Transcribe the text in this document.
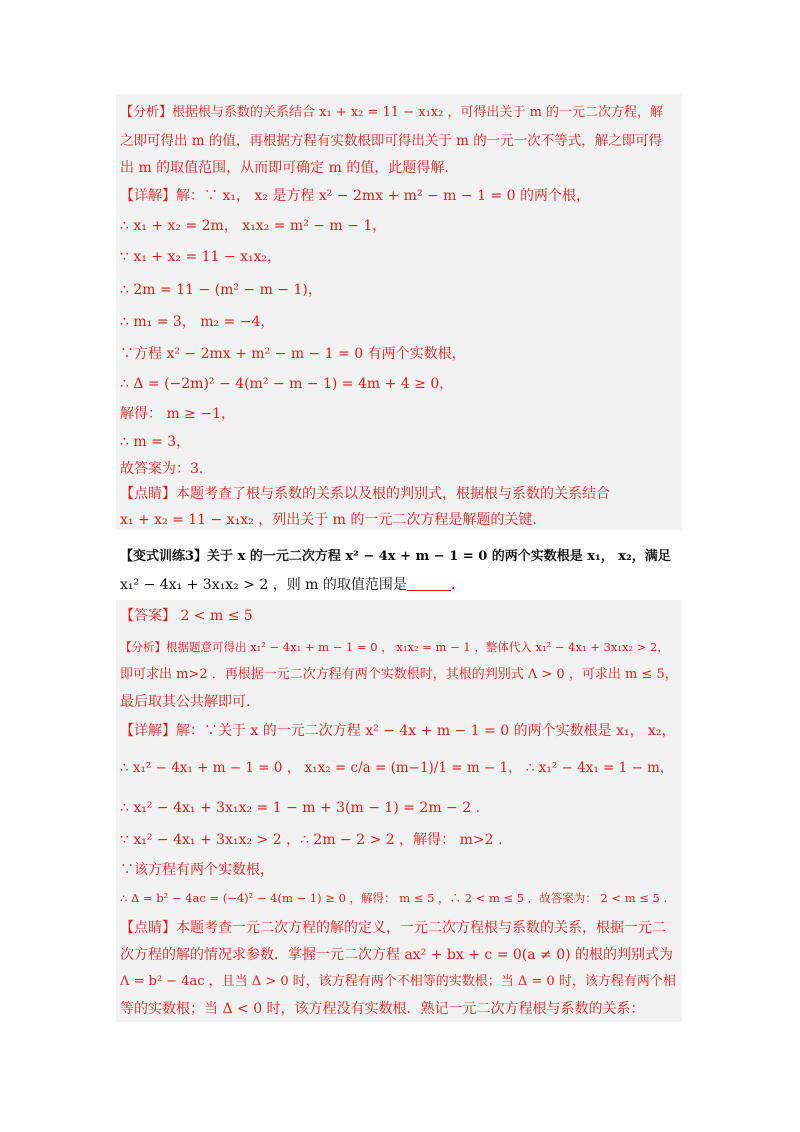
【分析】根据根与系数的关系结合 x₁ + x₂ = 11 − x₁x₂ ，可得出关于 m 的一元二次方程，解
之即可得出 m 的值，再根据方程有实数根即可得出关于 m 的一元一次不等式，解之即可得
出 m 的取值范围，从而即可确定 m 的值，此题得解.
【详解】解：∵ x₁， x₂ 是方程 x² − 2mx + m² − m − 1 = 0 的两个根，
∴ x₁ + x₂ = 2m， x₁x₂ = m² − m − 1，
∵ x₁ + x₂ = 11 − x₁x₂，
∴ 2m = 11 − (m² − m − 1)，
∴ m₁ = 3， m₂ = −4，
∵方程 x² − 2mx + m² − m − 1 = 0 有两个实数根，
∴ Δ = (−2m)² − 4(m² − m − 1) = 4m + 4 ≥ 0，
解得： m ≥ −1，
∴ m = 3，
故答案为：3.
【点睛】本题考查了根与系数的关系以及根的判别式，根据根与系数的关系结合
x₁ + x₂ = 11 − x₁x₂ ，列出关于 m 的一元二次方程是解题的关键.
【变式训练3】关于 x 的一元二次方程 x² − 4x + m − 1 = 0 的两个实数根是 x₁， x₂，满足
x₁² − 4x₁ + 3x₁x₂ > 2 ，则 m 的取值范围是	.
【答案】 2 < m ≤ 5
【分析】根据题意可得出 x₁² − 4x₁ + m − 1 = 0 ， x₁x₂ = m − 1 ，整体代入 x₁² − 4x₁ + 3x₁x₂ > 2，
即可求出 m>2 ．再根据一元二次方程有两个实数根时，其根的判别式 Λ > 0 ，可求出 m ≤ 5，
最后取其公共解即可.
【详解】解：∵关于 x 的一元二次方程 x² − 4x + m − 1 = 0 的两个实数根是 x₁， x₂，
∴ x₁² − 4x₁ + m − 1 = 0 ， x₁x₂ = c/a = (m−1)/1 = m − 1， ∴ x₁² − 4x₁ = 1 − m，
∴ x₁² − 4x₁ + 3x₁x₂ = 1 − m + 3(m − 1) = 2m − 2 .
∵ x₁² − 4x₁ + 3x₁x₂ > 2 ，∴ 2m − 2 > 2 ，解得： m>2 .
∵该方程有两个实数根，
∴ Δ = b² − 4ac = (−4)² − 4(m − 1) ≥ 0 ，解得： m ≤ 5 ，∴ 2 < m ≤ 5 ．故答案为： 2 < m ≤ 5 .
【点睛】本题考查一元二次方程的解的定义，一元二次方程根与系数的关系，根据一元二
次方程的解的情况求参数．掌握一元二次方程 ax² + bx + c = 0(a ≠ 0) 的根的判别式为
Λ = b² − 4ac ，且当 Δ > 0 时，该方程有两个不相等的实数根；当 Δ = 0 时，该方程有两个相
等的实数根；当 Δ < 0 时，该方程没有实数根．熟记一元二次方程根与系数的关系：
